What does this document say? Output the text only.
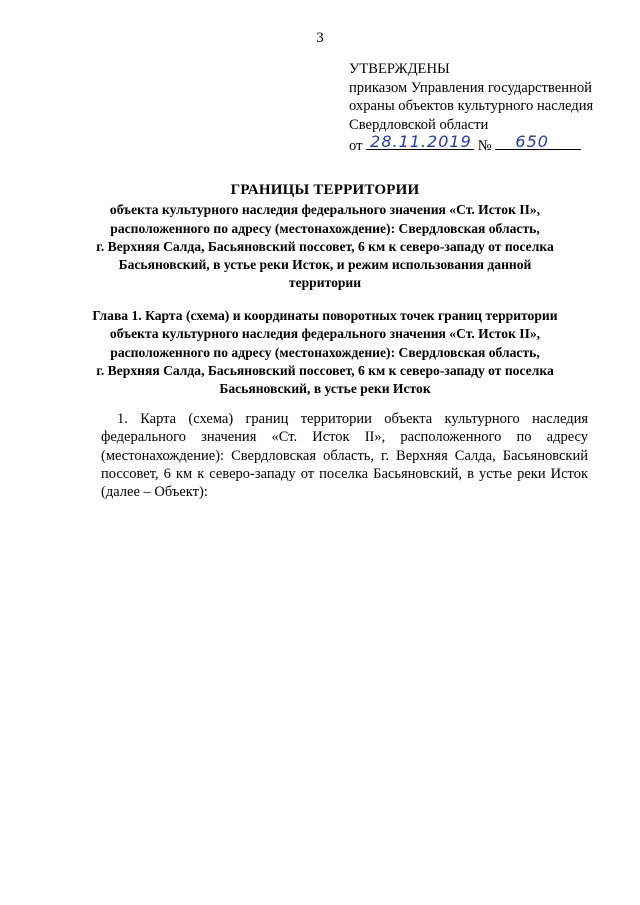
3
УТВЕРЖДЕНЫ
приказом Управления государственной
охраны объектов культурного наследия
Свердловской области
от 28.11.2019 № 650
ГРАНИЦЫ ТЕРРИТОРИИ
объекта культурного наследия федерального значения «Ст. Исток II»,
расположенного по адресу (местонахождение): Свердловская область,
г. Верхняя Салда, Басьяновский поссовет, 6 км к северо-западу от поселка
Басьяновский, в устье реки Исток, и режим использования данной
территории
Глава 1. Карта (схема) и координаты поворотных точек границ территории
объекта культурного наследия федерального значения «Ст. Исток II»,
расположенного по адресу (местонахождение): Свердловская область,
г. Верхняя Салда, Басьяновский поссовет, 6 км к северо-западу от поселка
Басьяновский, в устье реки Исток
1. Карта (схема) границ территории объекта культурного наследия федерального значения «Ст. Исток II», расположенного по адресу (местонахождение): Свердловская область, г. Верхняя Салда, Басьяновский поссовет, 6 км к северо-западу от поселка Басьяновский, в устье реки Исток (далее – Объект):
